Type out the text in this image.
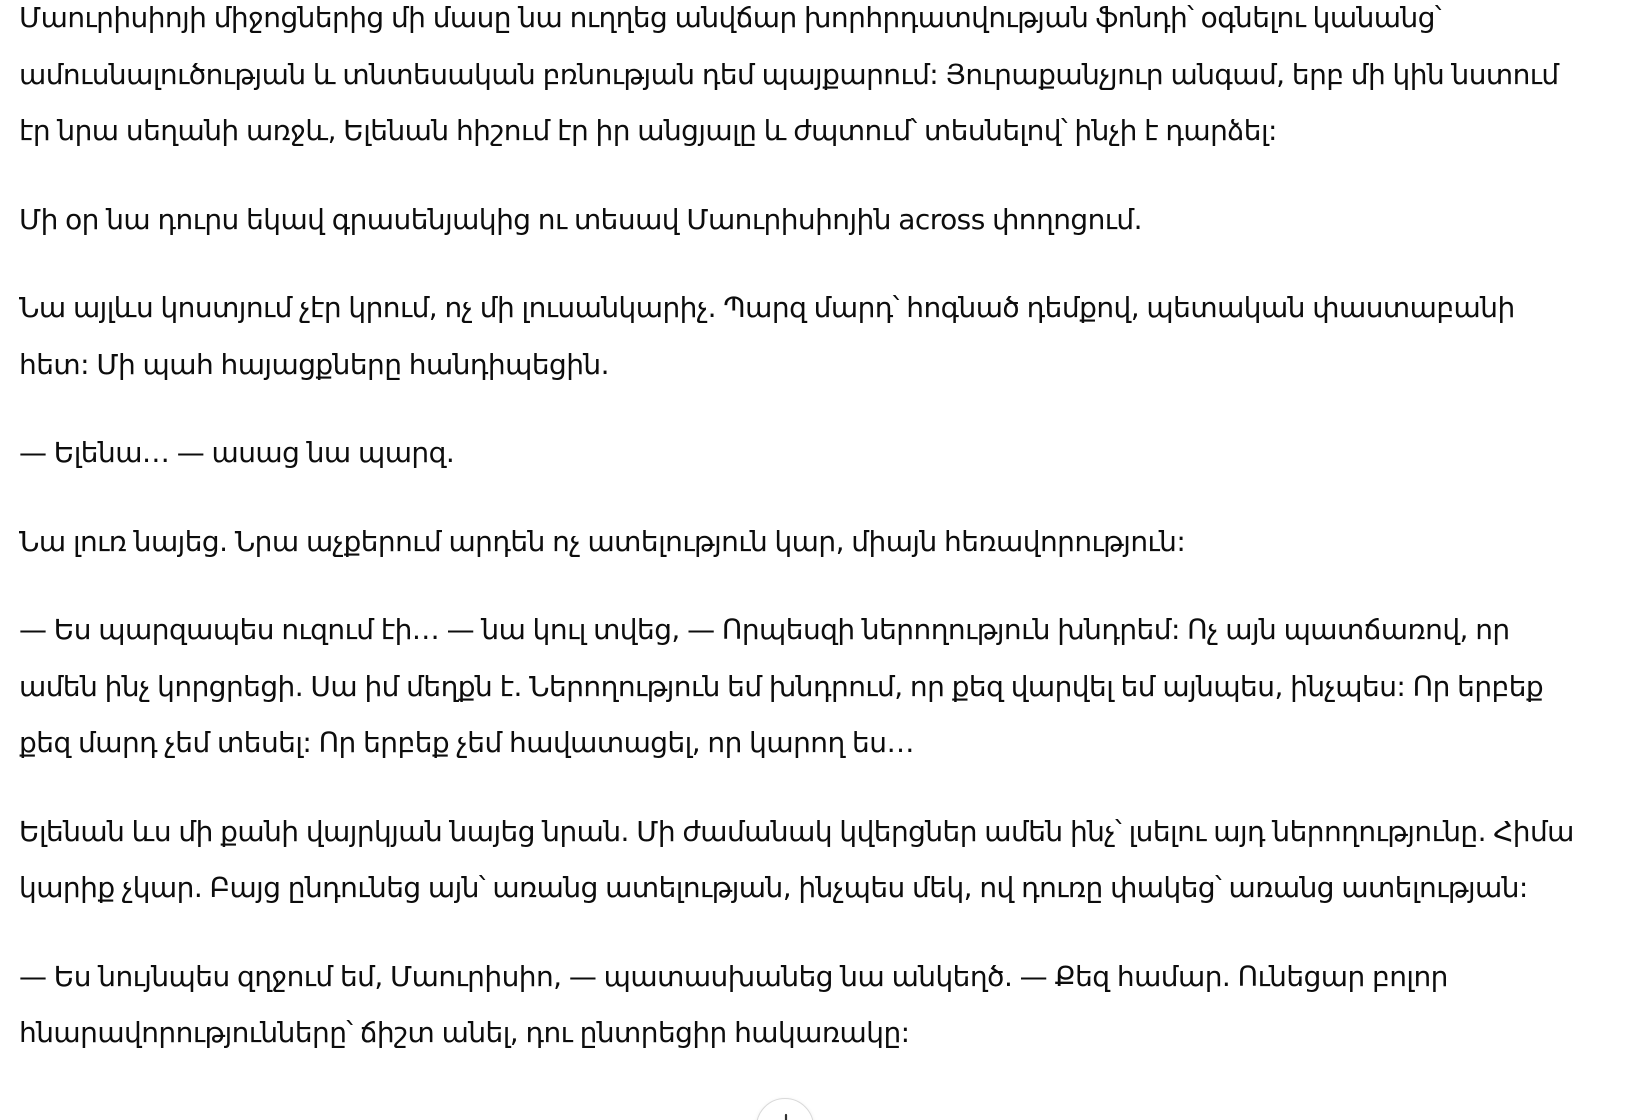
Մաուրիսիոյի միջոցներից մի մասը նա ուղղեց անվճար խորհրդատվության ֆոնդի՝ օգնելու կանանց՝ ամուսնալուծության և տնտեսական բռնության դեմ պայքարում: Յուրաքանչյուր անգամ, երբ մի կին նստում էր նրա սեղանի առջև, Ելենան հիշում էր իր անցյալը և ժպտում՝ տեսնելով՝ ինչի է դարձել:

Մի օր նա դուրս եկավ գրասենյակից ու տեսավ Մաուրիսիոյին across փողոցում.

Նա այլևս կոստյում չէր կրում, ոչ մի լուսանկարիչ. Պարզ մարդ՝ հոգնած դեմքով, պետական փաստաբանի հետ: Մի պահ հայացքները հանդիպեցին.

— Ելենա… — ասաց նա պարզ.

Նա լուռ նայեց. Նրա աչքերում արդեն ոչ ատելություն կար, միայն հեռավորություն:

— Ես պարզապես ուզում էի… — նա կուլ տվեց, — Որպեսզի ներողություն խնդրեմ: Ոչ այն պատճառով, որ ամեն ինչ կորցրեցի. Սա իմ մեղքն է. Ներողություն եմ խնդրում, որ քեզ վարվել եմ այնպես, ինչպես: Որ երբեք քեզ մարդ չեմ տեսել: Որ երբեք չեմ հավատացել, որ կարող ես…

Ելենան ևս մի քանի վայրկյան նայեց նրան. Մի ժամանակ կվերցներ ամեն ինչ՝ լսելու այդ ներողությունը. Հիմա կարիք չկար. Բայց ընդունեց այն՝ առանց ատելության, ինչպես մեկ, ով դուռը փակեց՝ առանց ատելության:

— Ես նույնպես զղջում եմ, Մաուրիսիո, — պատասխանեց նա անկեղծ. — Քեզ համար. Ունեցար բոլոր հնարավորությունները՝ ճիշտ անել, դու ընտրեցիր հակառակը:
